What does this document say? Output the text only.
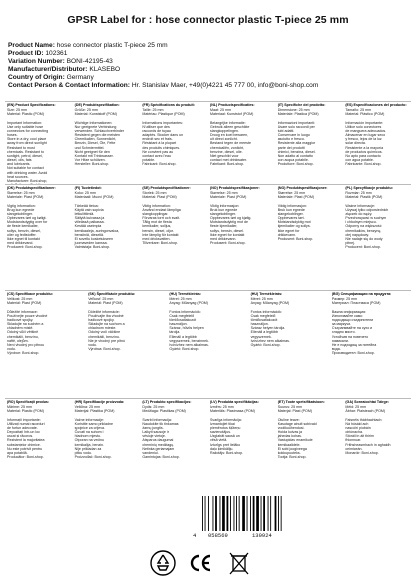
GPSR Label for : hose connector plastic T-piece 25 mm
Product Name: hose connector plastic T-piece 25 mm
Product ID: 102361
Variation Number: BONI-42195-43
Manufacturer/Distributor: KLASEBO
Country of Origin: Germany
Contact Person & Contact Information: Hr. Stanislav Maer, +49(0)4221 45 777 00, info@boni-shop.com
(EN) Product Specifications:
Size: 25 mm
Material: Plastic (POM)

Important Information:
Use only suitable hose
connectors for connecting
hoses.
Store in a dry, cool place
away from direct sunlight
Resistant to most
chemicals. Resistant to
sunlight, petrol, diesel,
diesel, oils, fats
and lubricants.
Not suitable for contact
with drinking water. Avoid
heat sources.
Manufacturer: Boni-shop,
(DE) Produktspezifikation:
Größe: 25 mm
Material: Kunststoff (POM)

Wichtige Informationen:
Nur geeignete Verbindung
verwenden. Schlauchverbinder
Resistent gegen die meisten
Chemikalien, Sonnenlicht,
Benzin, Diesel, Öle, Fette
und Schmiermittel.
Nicht geeignet für den
Kontakt mit Trinkwasser.
Vor Hitze schützen.
Hersteller: Boni-shop.
(FR) Spécifications du produit:
Taille: 25 mm
Matériau: Plastique (POM)

Informations importantes:
N'utiliser que des
raccords de tuyau
adaptés. Stocker dans un
endroit sec et frais.
Résistant à la plupart
des produits chimiques.
Ne convient pas au
contact avec l'eau
potable.
Fabricant: Boni-shop.
(NL) Productspecificaties:
Maat: 25 mm
Materiaal: Kunststof (POM)

Belangrijke informatie:
Gebruik alleen geschikte
slangkoppelingen.
Droog en koel bewaren,
uit direct zonlicht.
Bestand tegen de meeste
chemicaliën, zonlicht,
benzine, diesel, olie.
Niet geschikt voor
contact met drinkwater.
Fabrikant: Boni-shop.
(IT) Specifiche del prodotto:
Dimensione: 25 mm
Materiale: Plastica (POM)

Informazioni importanti:
Usare solo raccordi per
tubi adatti.
Conservare in luogo
asciutto e fresco.
Resistente alla maggior
parte dei prodotti
chimici, benzina, diesel.
Non adatto al contatto
con acqua potabile.
Produttore: Boni-shop.
(ES) Especificaciones del producto:
Tamaño: 25 mm
Material: Plástico (POM)

Información importante:
Utilice solo conectores
de manguera adecuados.
Almacenar en lugar seco
y fresco, lejos de la luz
solar directa.
Resistente a la mayoría
de productos químicos.
No apto para contacto
con agua potable.
Fabricante: Boni-shop.
(DK) Produktspecifikationer:
Størrelse: 25 mm
Materiale: Plast (POM)

Vigtig information:
Brug kun egnede
slangekoblinger.
Opbevares tørt og køligt.
Modstandsdygtig over for
de fleste kemikalier,
sollys, benzin, diesel,
olier og fedtstoffer.
Ikke egnet til kontakt
med drikkevand.
Producent: Boni-shop.
(FI) Tuotetiedot:
Koko: 25 mm
Materiaali: Muovi (POM)

Tärkeää tietoa:
Käytä vain sopivia
letkuliittimiä.
Säilytä kuivassa ja
viileässä paikassa.
Kestää useimpia
kemikaaleja, auringonvaloa,
bensiiniä, dieseliä.
Ei sovellu kosketukseen
juomaveden kanssa.
Valmistaja: Boni-shop.
(SE) Produktspecifikationer:
Storlek: 25 mm
Material: Plast (POM)

Viktig information:
Använd endast lämpliga
slangkopplingar.
Förvaras torrt och svalt.
Tålig mot de flesta
kemikalier, solljus,
bensin, diesel, oljor.
Inte lämplig för kontakt
med dricksvatten.
Tillverkare: Boni-shop.
(NO) Produktspesifikasjoner:
Størrelse: 25 mm
Materiale: Plast (POM)

Viktig informasjon:
Bruk kun egnede
slangekoblinger.
Oppbevares tørt og kjølig.
Motstandsdyktig mot de
fleste kjemikalier,
sollys, bensin, diesel.
Ikke egnet for kontakt
med drikkevann.
Produsent: Boni-shop.
(NO) Produktspesifikasjoner:
Størrelse: 25 mm
Materiale: Plast (POM)

Viktig informasjon:
Bruk kun egnede
slangekoblinger.
Oppbevares tørt.
Motstandsdyktig mot
kjemikalier og sollys.
Ikke egnet for
drikkevann.
Produsent: Boni-shop.
(PL) Specyfikacje produktu:
Rozmiar: 25 mm
Materiał: Plastik (POM)

Ważne informacje:
Używaj tylko odpowiednich
złączek do węży.
Przechowywać w suchym
i chłodnym miejscu.
Odporny na większość
chemikaliów, benzynę,
olej napędowy.
Nie nadaje się do wody
pitnej.
Producent: Boni-shop.
(CS) Specifikace produktu:
Velikost: 25 mm
Materiál: Plast (POM)

Důležité informace:
Používejte pouze vhodné
hadicové spojky.
Skladujte na suchém a
chladném místě.
Odolný vůči většině
chemikálií, benzínu,
naftě, olejům.
Není vhodný pro pitnou
vodu.
Výrobce: Boni-shop.
(SK) Špecifikácie produktu:
Veľkosť: 25 mm
Materiál: Plast (POM)

Dôležité informácie:
Používajte iba vhodné
hadicové spojky.
Skladujte na suchom a
chladnom mieste.
Odolný voči väčšine
chemikálií, benzínu.
Nie je vhodný pre pitnú
vodu.
Výrobca: Boni-shop.
(HU) Termékleírás:
Méret: 25 mm
Anyag: Műanyag (POM)

Fontos információk:
Csak megfelelő
tömlőcsatlakozót
használjon.
Száraz, hűvös helyen
tárolja.
Ellenáll a legtöbb
vegyszernek, benzinnek.
Ivóvízhez nem alkalmas.
Gyártó: Boni-shop.
(HU) Termékleírás:
Méret: 25 mm
Anyag: Műanyag (POM)

Fontos információk:
Csak megfelelő
tömlőcsatlakozót
használjon.
Száraz helyen tárolja.
Ellenáll a legtöbb
vegyszernek.
Ivóvízhez nem alkalmas.
Gyártó: Boni-shop.
(BG) Спецификации на продукта:
Размер: 25 mm
Материал: Пластмаса (POM)

Важна информация:
Използвайте само
подходящи съединители
за маркучи.
Съхранявайте на сухо и
хладно място.
Устойчив на повечето
химикали.
Не е подходящ за питейна
вода.
Производител: Boni-shop.
(RO) Specificații produs:
Mărime: 25 mm
Material: Plastic (POM)

Informații importante:
Utilizați numai racorduri
de furtun adecvate.
Depozitați într-un loc
uscat și răcoros.
Rezistent la majoritatea
substanțelor chimice.
Nu este potrivit pentru
apa potabilă.
Producător: Boni-shop.
(HR) Specifikacije proizvoda:
Veličina: 25 mm
Materijal: Plastika (POM)

Važne informacije:
Koristite samo prikladne
spojnice za crijeva.
Čuvati na suhom i
hladnom mjestu.
Otporan na većinu
kemikalija, benzin.
Nije prikladan za
pitku vodu.
Proizvođač: Boni-shop.
(LT) Produkto specifikacijos:
Dydis: 25 mm
Medžiaga: Plastikas (POM)

Svarbi informacija:
Naudokite tik tinkamas
žarnų jungtis.
Laikyti sausoje ir
vėsioje vietoje.
Atsparus daugumai
cheminių medžiagų.
Netinka geriamajam
vandeniui.
Gamintojas: Boni-shop.
(LV) Produkta specifikācijas:
Izmērs: 25 mm
Materiāls: Plastmasa (POM)

Svarīga informācija:
Izmantojiet tikai
piemērotus šļūteņu
savienotājus.
Uzglabāt sausā un
vēsā vietā.
Izturīgs pret lielāko
daļu ķimikāliju.
Ražotājs: Boni-shop.
(ET) Toote spetsifikatsioon:
Suurus: 25 mm
Materjal: Plast (POM)

Oluline teave:
Kasutage ainult sobivaid
voolikuühendusi.
Hoida kuivas ja
jahedas kohas.
Vastupidav enamikule
kemikaalidele.
Ei sobi joogiveega
kokkupuuteks.
Tootja: Boni-shop.
(GA) Sonraíochtaí Táirge:
Méid: 25 mm
Ábhar: Plaisteach (POM)

Faisnéis thábhachtach:
Ná húsáid ach
nascóirí píobáin
oiriúnacha.
Stóráil in áit thirim
fhionnuar.
Frithsheasmhach in aghaidh
ceimiceán.
Monaróir: Boni-shop.
4 058569	130924
